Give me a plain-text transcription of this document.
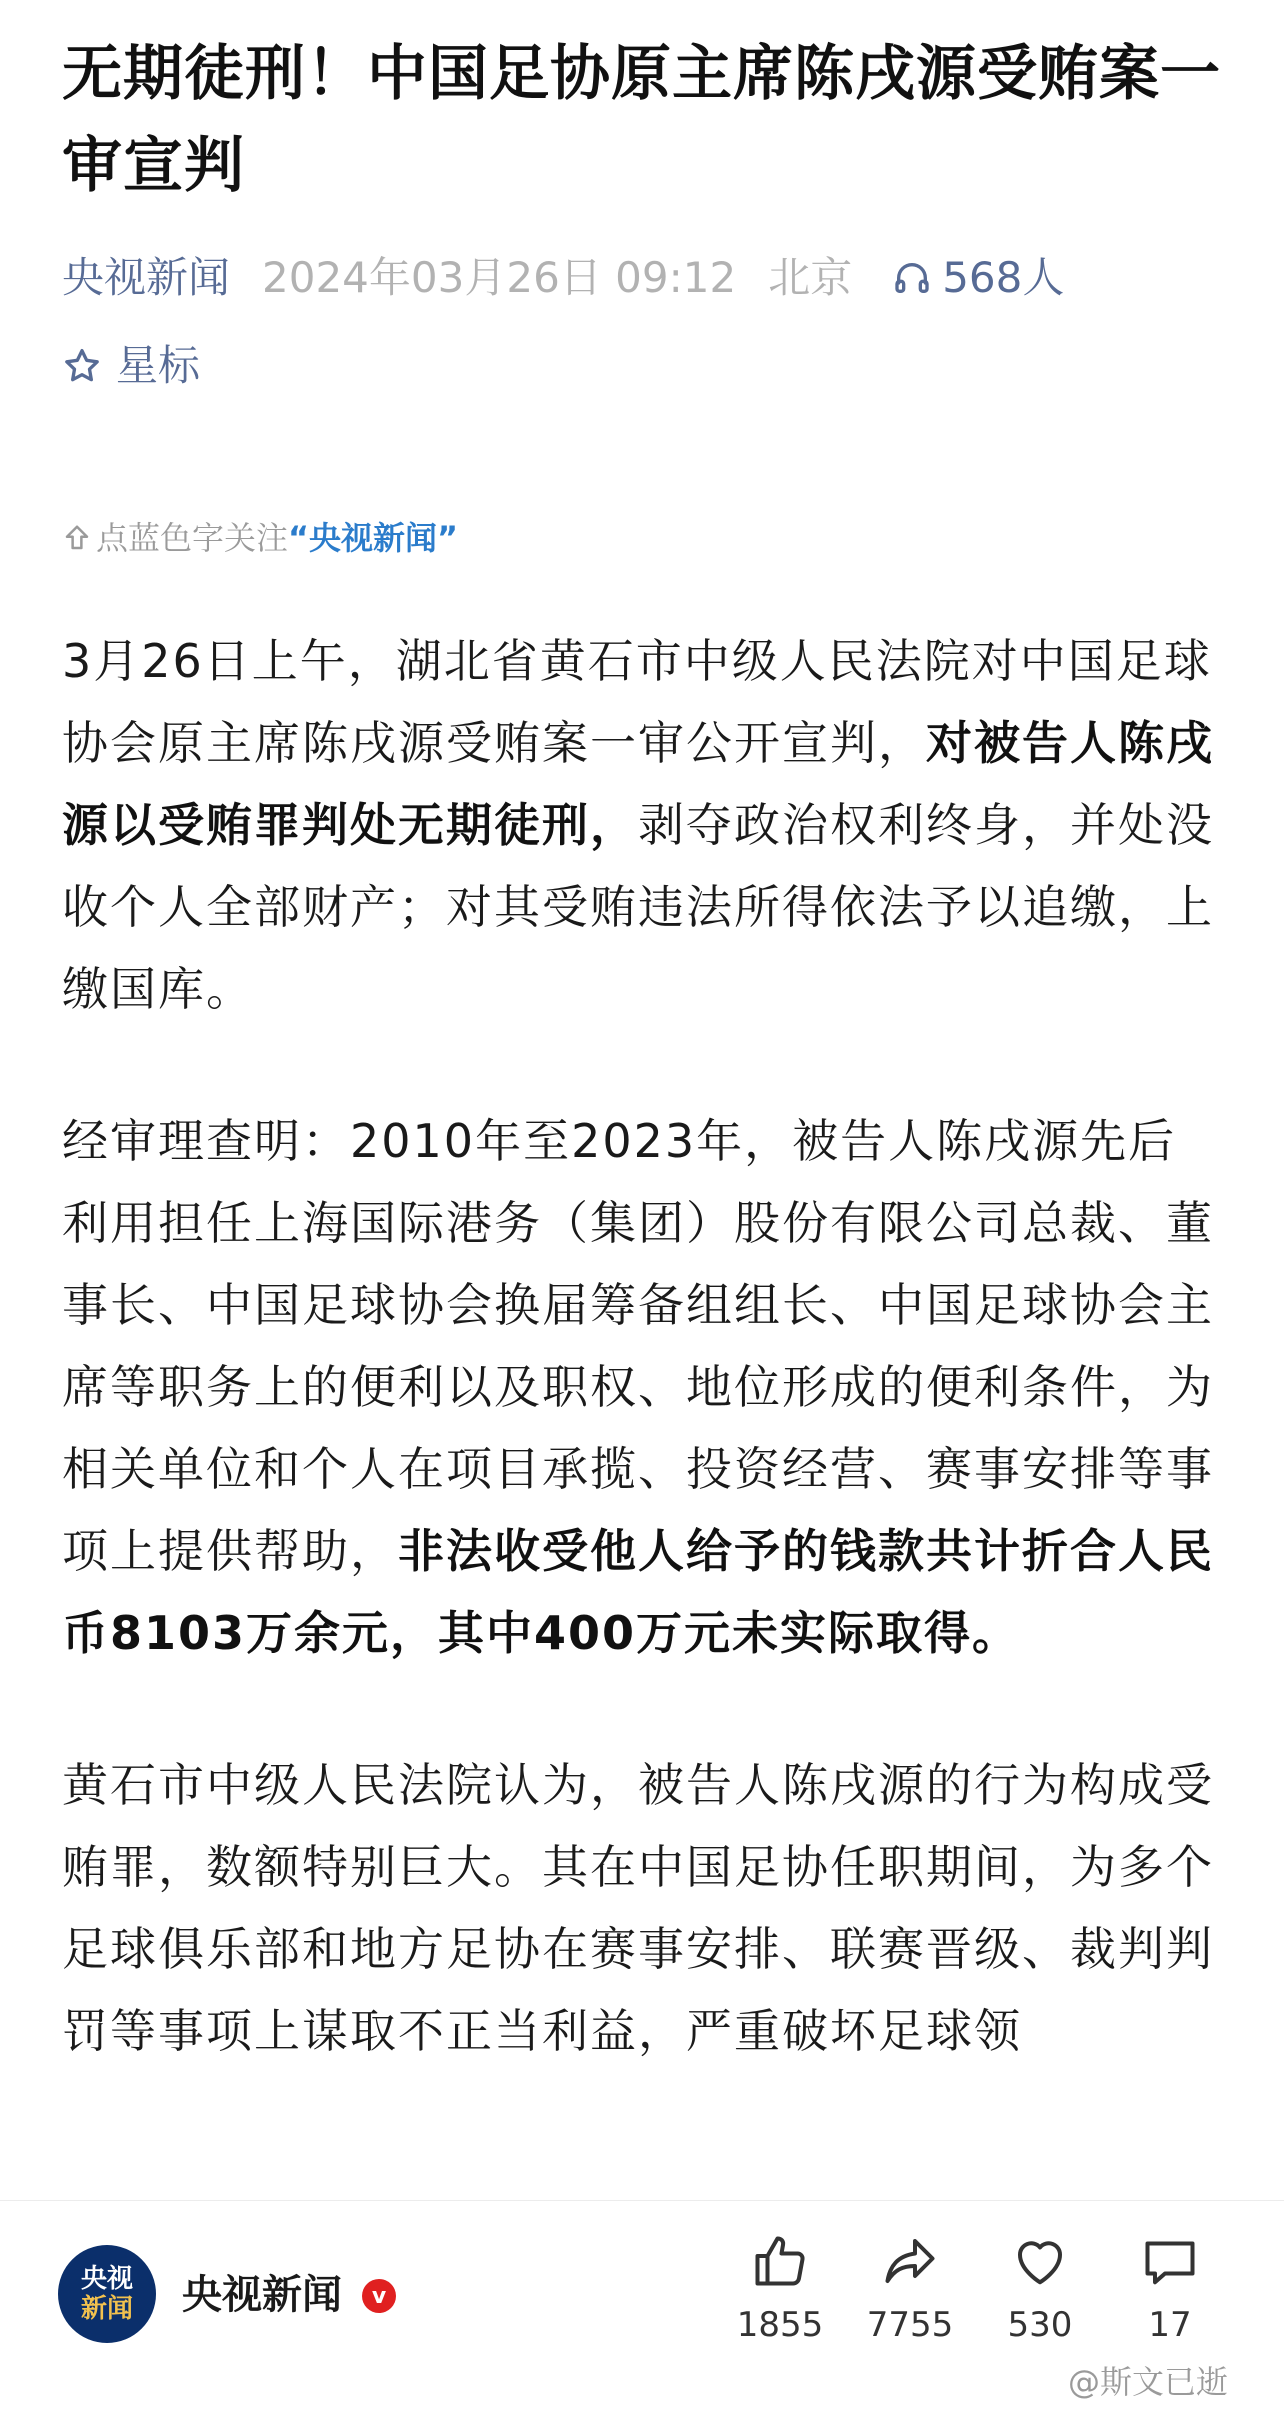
无期徒刑！中国足协原主席陈戌源受贿案一审宣判
央视新闻 2024年03月26日 09:12 北京 568人
星标
点蓝色字关注 “央视新闻”

3月26日上午，湖北省黄石市中级人民法院对中国足球协会原主席陈戌源受贿案一审公开宣判，对被告人陈戌源以受贿罪判处无期徒刑，剥夺政治权利终身，并处没收个人全部财产；对其受贿违法所得依法予以追缴，上缴国库。

经审理查明：2010年至2023年，被告人陈戌源先后利用担任上海国际港务（集团）股份有限公司总裁、董事长、中国足球协会换届筹备组组长、中国足球协会主席等职务上的便利以及职权、地位形成的便利条件，为相关单位和个人在项目承揽、投资经营、赛事安排等事项上提供帮助，非法收受他人给予的钱款共计折合人民币8103万余元，其中400万元未实际取得。

黄石市中级人民法院认为，被告人陈戌源的行为构成受贿罪，数额特别巨大。其在中国足协任职期间，为多个足球俱乐部和地方足协在赛事安排、联赛晋级、裁判判罚等事项上谋取不正当利益，严重破坏足球领

央视
新闻 央视新闻	v
1855 7755 530 17
@斯文已逝
